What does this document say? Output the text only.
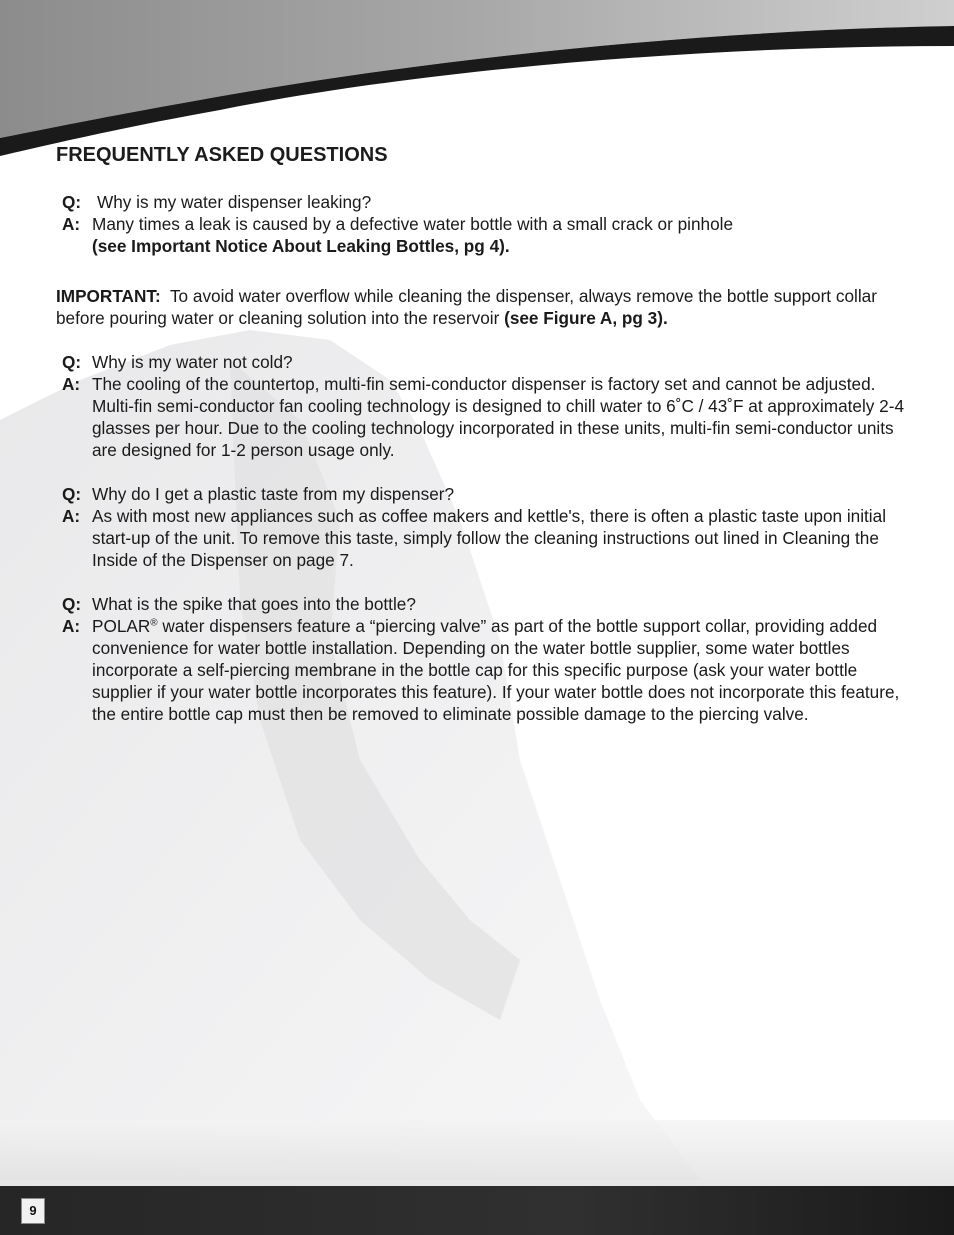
FREQUENTLY ASKED QUESTIONS
Q: Why is my water dispenser leaking?
A: Many times a leak is caused by a defective water bottle with a small crack or pinhole
(see Important Notice About Leaking Bottles, pg 4).
IMPORTANT: To avoid water overflow while cleaning the dispenser, always remove the bottle support collar before pouring water or cleaning solution into the reservoir (see Figure A, pg 3).
Q: Why is my water not cold?
A: The cooling of the countertop, multi-fin semi-conductor dispenser is factory set and cannot be adjusted. Multi-fin semi-conductor fan cooling technology is designed to chill water to 6˚C / 43˚F at approximately 2-4 glasses per hour. Due to the cooling technology incorporated in these units, multi-fin semi-conductor units are designed for 1-2 person usage only.
Q: Why do I get a plastic taste from my dispenser?
A: As with most new appliances such as coffee makers and kettle's, there is often a plastic taste upon initial start-up of the unit. To remove this taste, simply follow the cleaning instructions out lined in Cleaning the Inside of the Dispenser on page 7.
Q: What is the spike that goes into the bottle?
A: POLAR® water dispensers feature a “piercing valve” as part of the bottle support collar, providing added convenience for water bottle installation. Depending on the water bottle supplier, some water bottles incorporate a self-piercing membrane in the bottle cap for this specific purpose (ask your water bottle supplier if your water bottle incorporates this feature). If your water bottle does not incorporate this feature, the entire bottle cap must then be removed to eliminate possible damage to the piercing valve.
9
